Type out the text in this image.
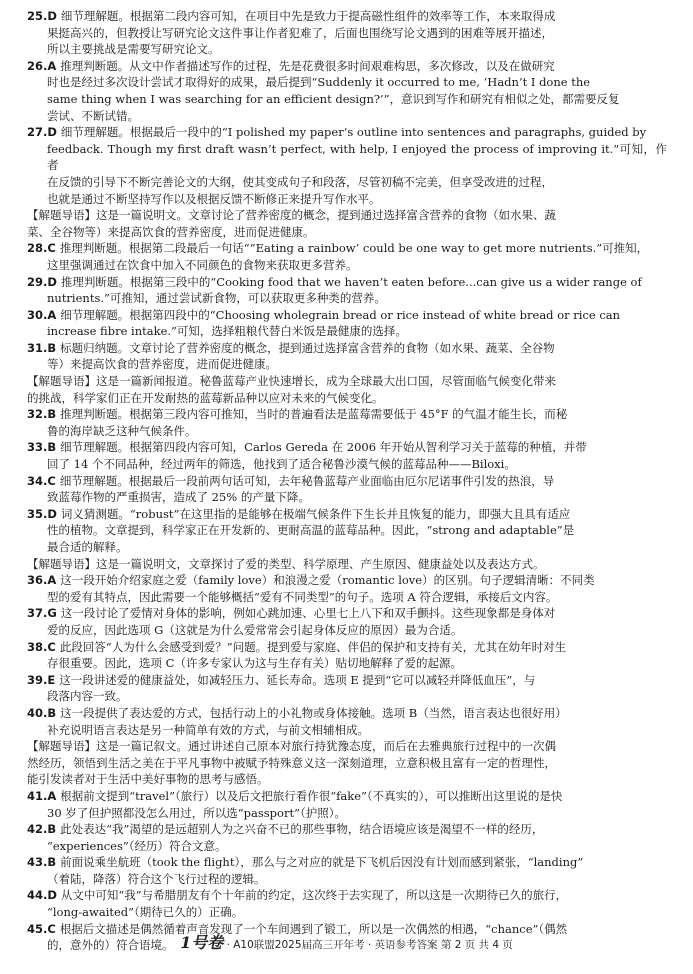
25.D 细节理解题。根据第二段内容可知，在项目中先是致力于提高磁性组件的效率等工作，本来取得成
果挺高兴的，但教授让写研究论文这件事让作者犯难了，后面也围绕写论文遇到的困难等展开描述，
所以主要挑战是需要写研究论文。

26.A 推理判断题。从文中作者描述写作的过程，先是花费很多时间艰难构思，多次修改，以及在做研究
时也是经过多次设计尝试才取得好的成果，最后提到“Suddenly it occurred to me, ‘Hadn’t I done the
same thing when I was searching for an efficient design?’”，意识到写作和研究有相似之处，都需要反复
尝试、不断试错。

27.D 细节理解题。根据最后一段中的“I polished my paper’s outline into sentences and paragraphs, guided by
feedback. Though my first draft wasn’t perfect, with help, I enjoyed the process of improving it.”可知，作者
在反馈的引导下不断完善论文的大纲，使其变成句子和段落，尽管初稿不完美，但享受改进的过程，
也就是通过不断坚持写作以及根据反馈不断修正来提升写作水平。

【解题导语】这是一篇说明文。文章讨论了营养密度的概念，提到通过选择富含营养的食物（如水果、蔬
菜、全谷物等）来提高饮食的营养密度，进而促进健康。

28.C 推理判断题。根据第二段最后一句话““Eating a rainbow’ could be one way to get more nutrients.”可推知，
这里强调通过在饮食中加入不同颜色的食物来获取更多营养。

29.D 推理判断题。根据第三段中的“Cooking food that we haven’t eaten before...can give us a wider range of
nutrients.”可推知，通过尝试新食物，可以获取更多种类的营养。

30.A 细节理解题。根据第四段中的“Choosing wholegrain bread or rice instead of white bread or rice can
increase fibre intake.”可知，选择粗粮代替白米饭是最健康的选择。

31.B 标题归纳题。文章讨论了营养密度的概念，提到通过选择富含营养的食物（如水果、蔬菜、全谷物
等）来提高饮食的营养密度，进而促进健康。

【解题导语】这是一篇新闻报道。秘鲁蓝莓产业快速增长，成为全球最大出口国，尽管面临气候变化带来
的挑战，科学家们正在开发耐热的蓝莓新品种以应对未来的气候变化。

32.B 推理判断题。根据第三段内容可推知，当时的普遍看法是蓝莓需要低于 45°F 的气温才能生长，而秘
鲁的海岸缺乏这种气候条件。

33.B 细节理解题。根据第四段内容可知，Carlos Gereda 在 2006 年开始从智利学习关于蓝莓的种植，并带
回了 14 个不同品种，经过两年的筛选，他找到了适合秘鲁沙漠气候的蓝莓品种——Biloxi。

34.C 细节理解题。根据最后一段前两句话可知，去年秘鲁蓝莓产业面临由厄尔尼诺事件引发的热浪，导
致蓝莓作物的严重损害，造成了 25% 的产量下降。

35.D 词义猜测题。“robust”在这里指的是能够在极端气候条件下生长并且恢复的能力，即强大且具有适应
性的植物。文章提到，科学家正在开发新的、更耐高温的蓝莓品种。因此，“strong and adaptable”是
最合适的解释。

【解题导语】这是一篇说明文，文章探讨了爱的类型、科学原理、产生原因、健康益处以及表达方式。

36.A 这一段开始介绍家庭之爱（family love）和浪漫之爱（romantic love）的区别。句子逻辑清晰：不同类
型的爱有其特点，因此需要一个能够概括“爱有不同类型”的句子。选项 A 符合逻辑，承接后文内容。

37.G 这一段讨论了爱情对身体的影响，例如心跳加速、心里七上八下和双手颤抖。这些现象都是身体对
爱的反应，因此选项 G（这就是为什么爱常常会引起身体反应的原因）最为合适。

38.C 此段回答“人为什么会感受到爱？”问题。提到爱与家庭、伴侣的保护和支持有关，尤其在幼年时对生
存很重要。因此，选项 C（许多专家认为这与生存有关）贴切地解释了爱的起源。

39.E 这一段讲述爱的健康益处，如减轻压力、延长寿命。选项 E 提到“它可以减轻并降低血压”，与
段落内容一致。

40.B 这一段提供了表达爱的方式，包括行动上的小礼物或身体接触。选项 B（当然，语言表达也很好用）
补充说明语言表达是另一种简单有效的方式，与前文相辅相成。

【解题导语】这是一篇记叙文。通过讲述自己原本对旅行持犹豫态度，而后在去雅典旅行过程中的一次偶
然经历，领悟到生活之美在于平凡事物中被赋予特殊意义这一深刻道理，立意积极且富有一定的哲理性，
能引发读者对于生活中美好事物的思考与感悟。

41.A 根据前文提到“travel”（旅行）以及后文把旅行看作很“fake”（不真实的），可以推断出这里说的是快
30 岁了但护照都没怎么用过，所以选“passport”（护照）。

42.B 此处表达“我”渴望的是远超别人为之兴奋不已的那些事物，结合语境应该是渴望不一样的经历，
“experiences”（经历）符合文意。

43.B 前面说乘坐航班（took the flight），那么与之对应的就是下飞机后因没有计划而感到紧张，“landing”
（着陆，降落）符合这个飞行过程的逻辑。

44.D 从文中可知“我”与希腊朋友有个十年前的约定，这次终于去实现了，所以这是一次期待已久的旅行，
“long-awaited”（期待已久的）正确。

45.C 根据后文描述是偶然循着声音发现了一个车间遇到了锻工，所以是一次偶然的相遇，“chance”（偶然
的，意外的）符合语境。 1号卷 · A10联盟2025届高三开年考 · 英语参考答案 第 2 页 共 4 页
